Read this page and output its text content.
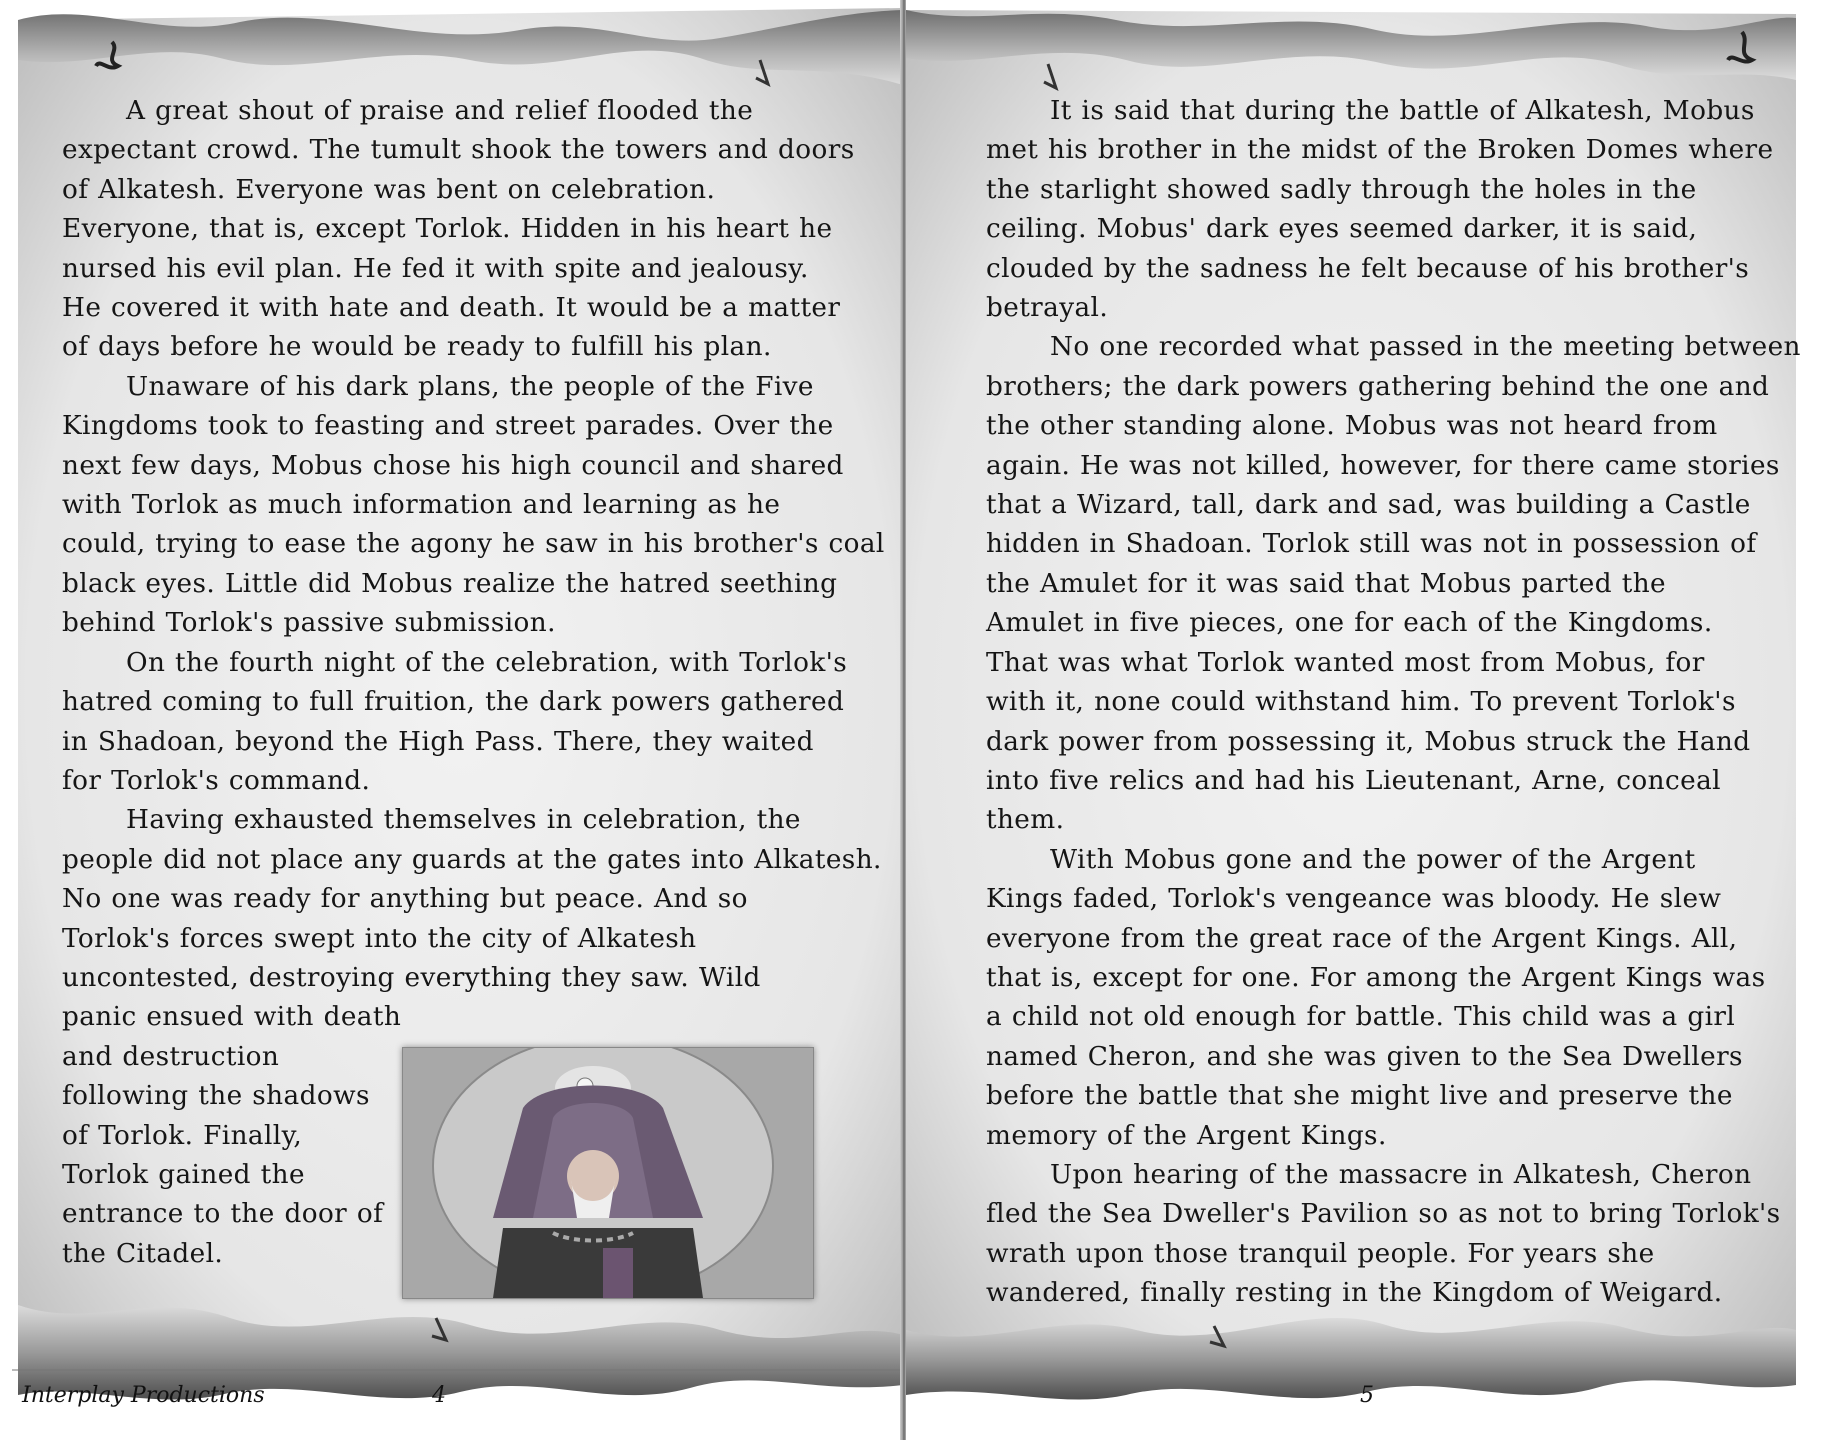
A great shout of praise and relief flooded the

expectant crowd. The tumult shook the towers and doors

of Alkatesh. Everyone was bent on celebration.

Everyone, that is, except Torlok. Hidden in his heart he

nursed his evil plan. He fed it with spite and jealousy.

He covered it with hate and death. It would be a matter

of days before he would be ready to fulfill his plan.

Unaware of his dark plans, the people of the Five

Kingdoms took to feasting and street parades. Over the

next few days, Mobus chose his high council and shared

with Torlok as much information and learning as he

could, trying to ease the agony he saw in his brother's coal

black eyes. Little did Mobus realize the hatred seething

behind Torlok's passive submission.

On the fourth night of the celebration, with Torlok's

hatred coming to full fruition, the dark powers gathered

in Shadoan, beyond the High Pass. There, they waited

for Torlok's command.

Having exhausted themselves in celebration, the

people did not place any guards at the gates into Alkatesh.

No one was ready for anything but peace. And so

Torlok's forces swept into the city of Alkatesh

uncontested, destroying everything they saw. Wild

panic ensued with death

and destruction

following the shadows

of Torlok. Finally,

Torlok gained the

entrance to the door of

the Citadel.

Interplay Productions	4

It is said that during the battle of Alkatesh, Mobus

met his brother in the midst of the Broken Domes where

the starlight showed sadly through the holes in the

ceiling. Mobus' dark eyes seemed darker, it is said,

clouded by the sadness he felt because of his brother's

betrayal.

No one recorded what passed in the meeting between

brothers; the dark powers gathering behind the one and

the other standing alone. Mobus was not heard from

again. He was not killed, however, for there came stories

that a Wizard, tall, dark and sad, was building a Castle

hidden in Shadoan. Torlok still was not in possession of

the Amulet for it was said that Mobus parted the

Amulet in five pieces, one for each of the Kingdoms.

That was what Torlok wanted most from Mobus, for

with it, none could withstand him. To prevent Torlok's

dark power from possessing it, Mobus struck the Hand

into five relics and had his Lieutenant, Arne, conceal

them.

With Mobus gone and the power of the Argent

Kings faded, Torlok's vengeance was bloody. He slew

everyone from the great race of the Argent Kings. All,

that is, except for one. For among the Argent Kings was

a child not old enough for battle. This child was a girl

named Cheron, and she was given to the Sea Dwellers

before the battle that she might live and preserve the

memory of the Argent Kings.

Upon hearing of the massacre in Alkatesh, Cheron

fled the Sea Dweller's Pavilion so as not to bring Torlok's

wrath upon those tranquil people. For years she

wandered, finally resting in the Kingdom of Weigard.

5
